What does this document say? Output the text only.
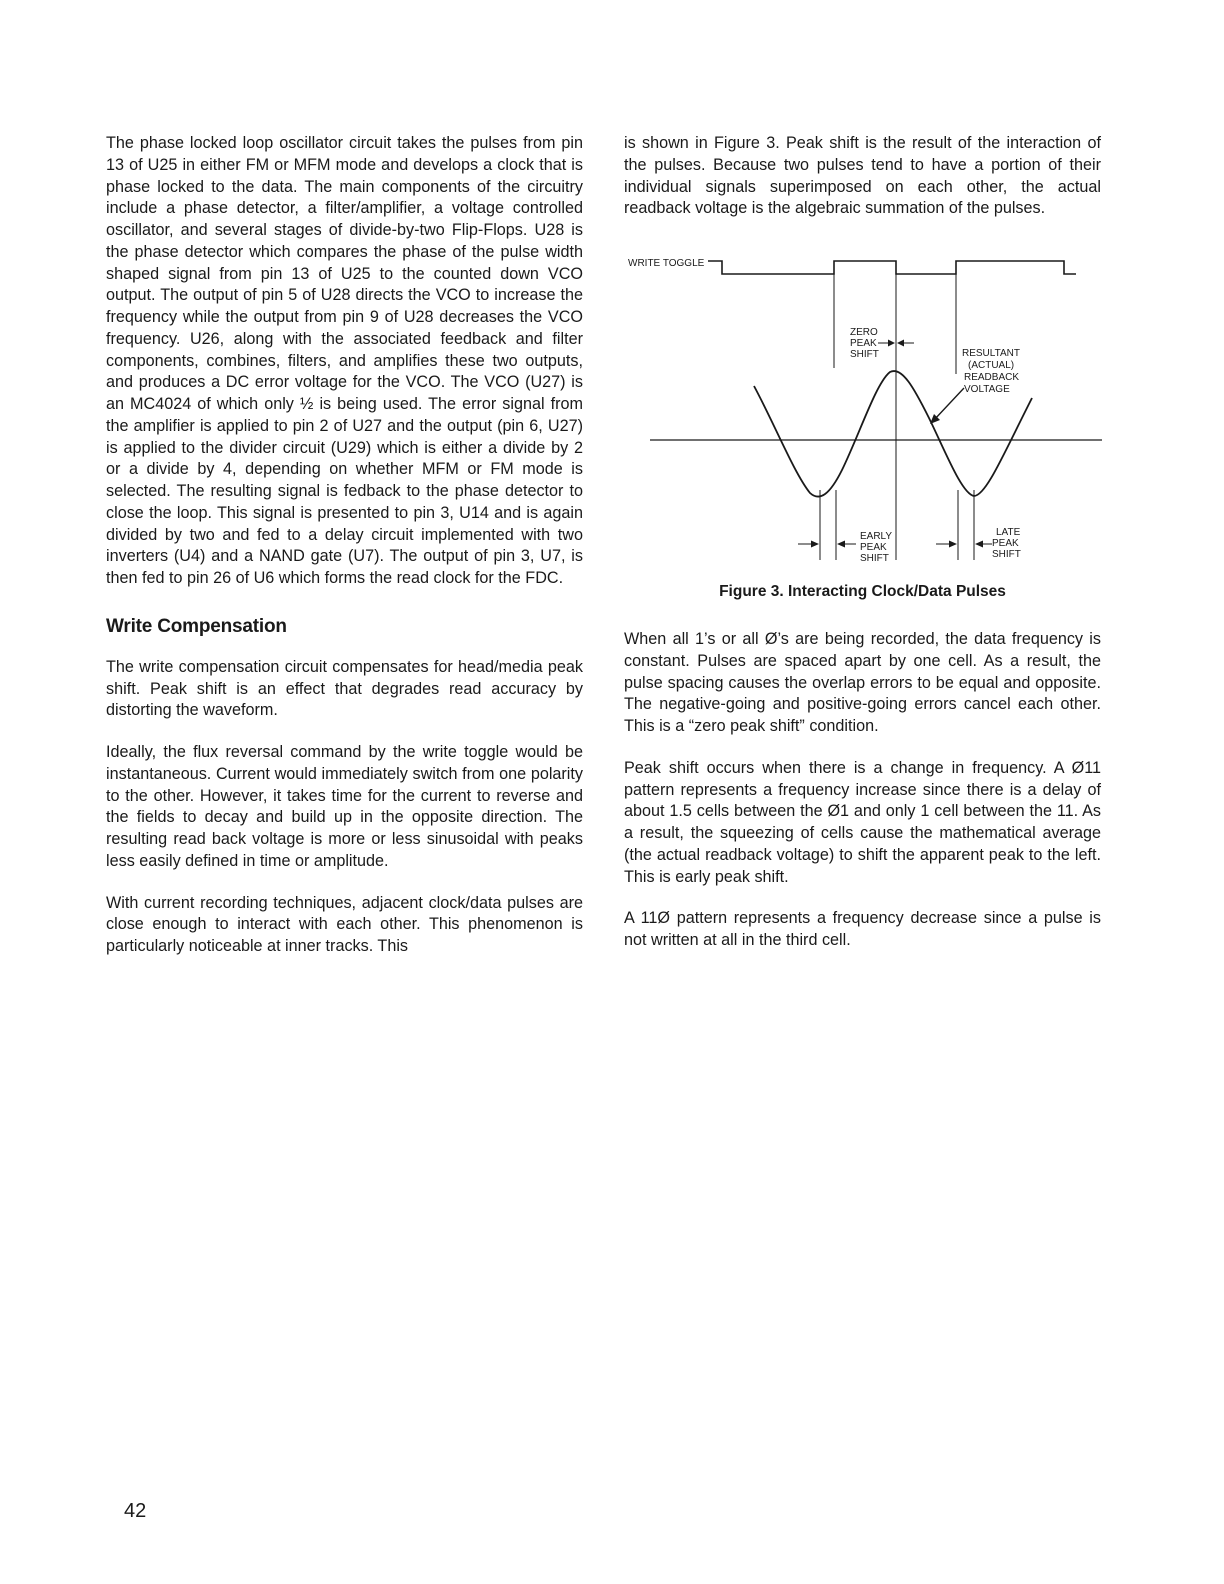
The phase locked loop oscillator circuit takes the pulses from pin 13 of U25 in either FM or MFM mode and develops a clock that is phase locked to the data. The main components of the circuitry include a phase detector, a filter/amplifier, a voltage controlled oscillator, and several stages of divide-by-two Flip-Flops. U28 is the phase detector which compares the phase of the pulse width shaped signal from pin 13 of U25 to the counted down VCO output. The output of pin 5 of U28 directs the VCO to increase the frequency while the output from pin 9 of U28 decreases the VCO frequency. U26, along with the associated feedback and filter components, combines, filters, and amplifies these two outputs, and produces a DC error voltage for the VCO. The VCO (U27) is an MC4024 of which only ½ is being used. The error signal from the amplifier is applied to pin 2 of U27 and the output (pin 6, U27) is applied to the divider circuit (U29) which is either a divide by 2 or a divide by 4, depending on whether MFM or FM mode is selected. The resulting signal is fedback to the phase detector to close the loop. This signal is presented to pin 3, U14 and is again divided by two and fed to a delay circuit implemented with two inverters (U4) and a NAND gate (U7). The output of pin 3, U7, is then fed to pin 26 of U6 which forms the read clock for the FDC.

Write Compensation

The write compensation circuit compensates for head/media peak shift. Peak shift is an effect that degrades read accuracy by distorting the waveform.

Ideally, the flux reversal command by the write toggle would be instantaneous. Current would immediately switch from one polarity to the other. However, it takes time for the current to reverse and the fields to decay and build up in the opposite direction. The resulting read back voltage is more or less sinusoidal with peaks less easily defined in time or amplitude.

With current recording techniques, adjacent clock/data pulses are close enough to interact with each other. This phenomenon is particularly noticeable at inner tracks. This

is shown in Figure 3. Peak shift is the result of the interaction of the pulses. Because two pulses tend to have a portion of their individual signals superimposed on each other, the actual readback voltage is the algebraic summation of the pulses.

WRITE TOGGLE
ZERO
PEAK
SHIFT	RESULTANT
(ACTUAL)
READBACK
VOLTAGE
EARLY
PEAK
SHIFT
LATE
PEAK
SHIFT

Figure 3. Interacting Clock/Data Pulses

When all 1’s or all Ø’s are being recorded, the data frequency is constant. Pulses are spaced apart by one cell. As a result, the pulse spacing causes the overlap errors to be equal and opposite. The negative-going and positive-going errors cancel each other. This is a “zero peak shift” condition.

Peak shift occurs when there is a change in frequency. A Ø11 pattern represents a frequency increase since there is a delay of about 1.5 cells between the Ø1 and only 1 cell between the 11. As a result, the squeezing of cells cause the mathematical average (the actual readback voltage) to shift the apparent peak to the left. This is early peak shift.

A 11Ø pattern represents a frequency decrease since a pulse is not written at all in the third cell.

42
